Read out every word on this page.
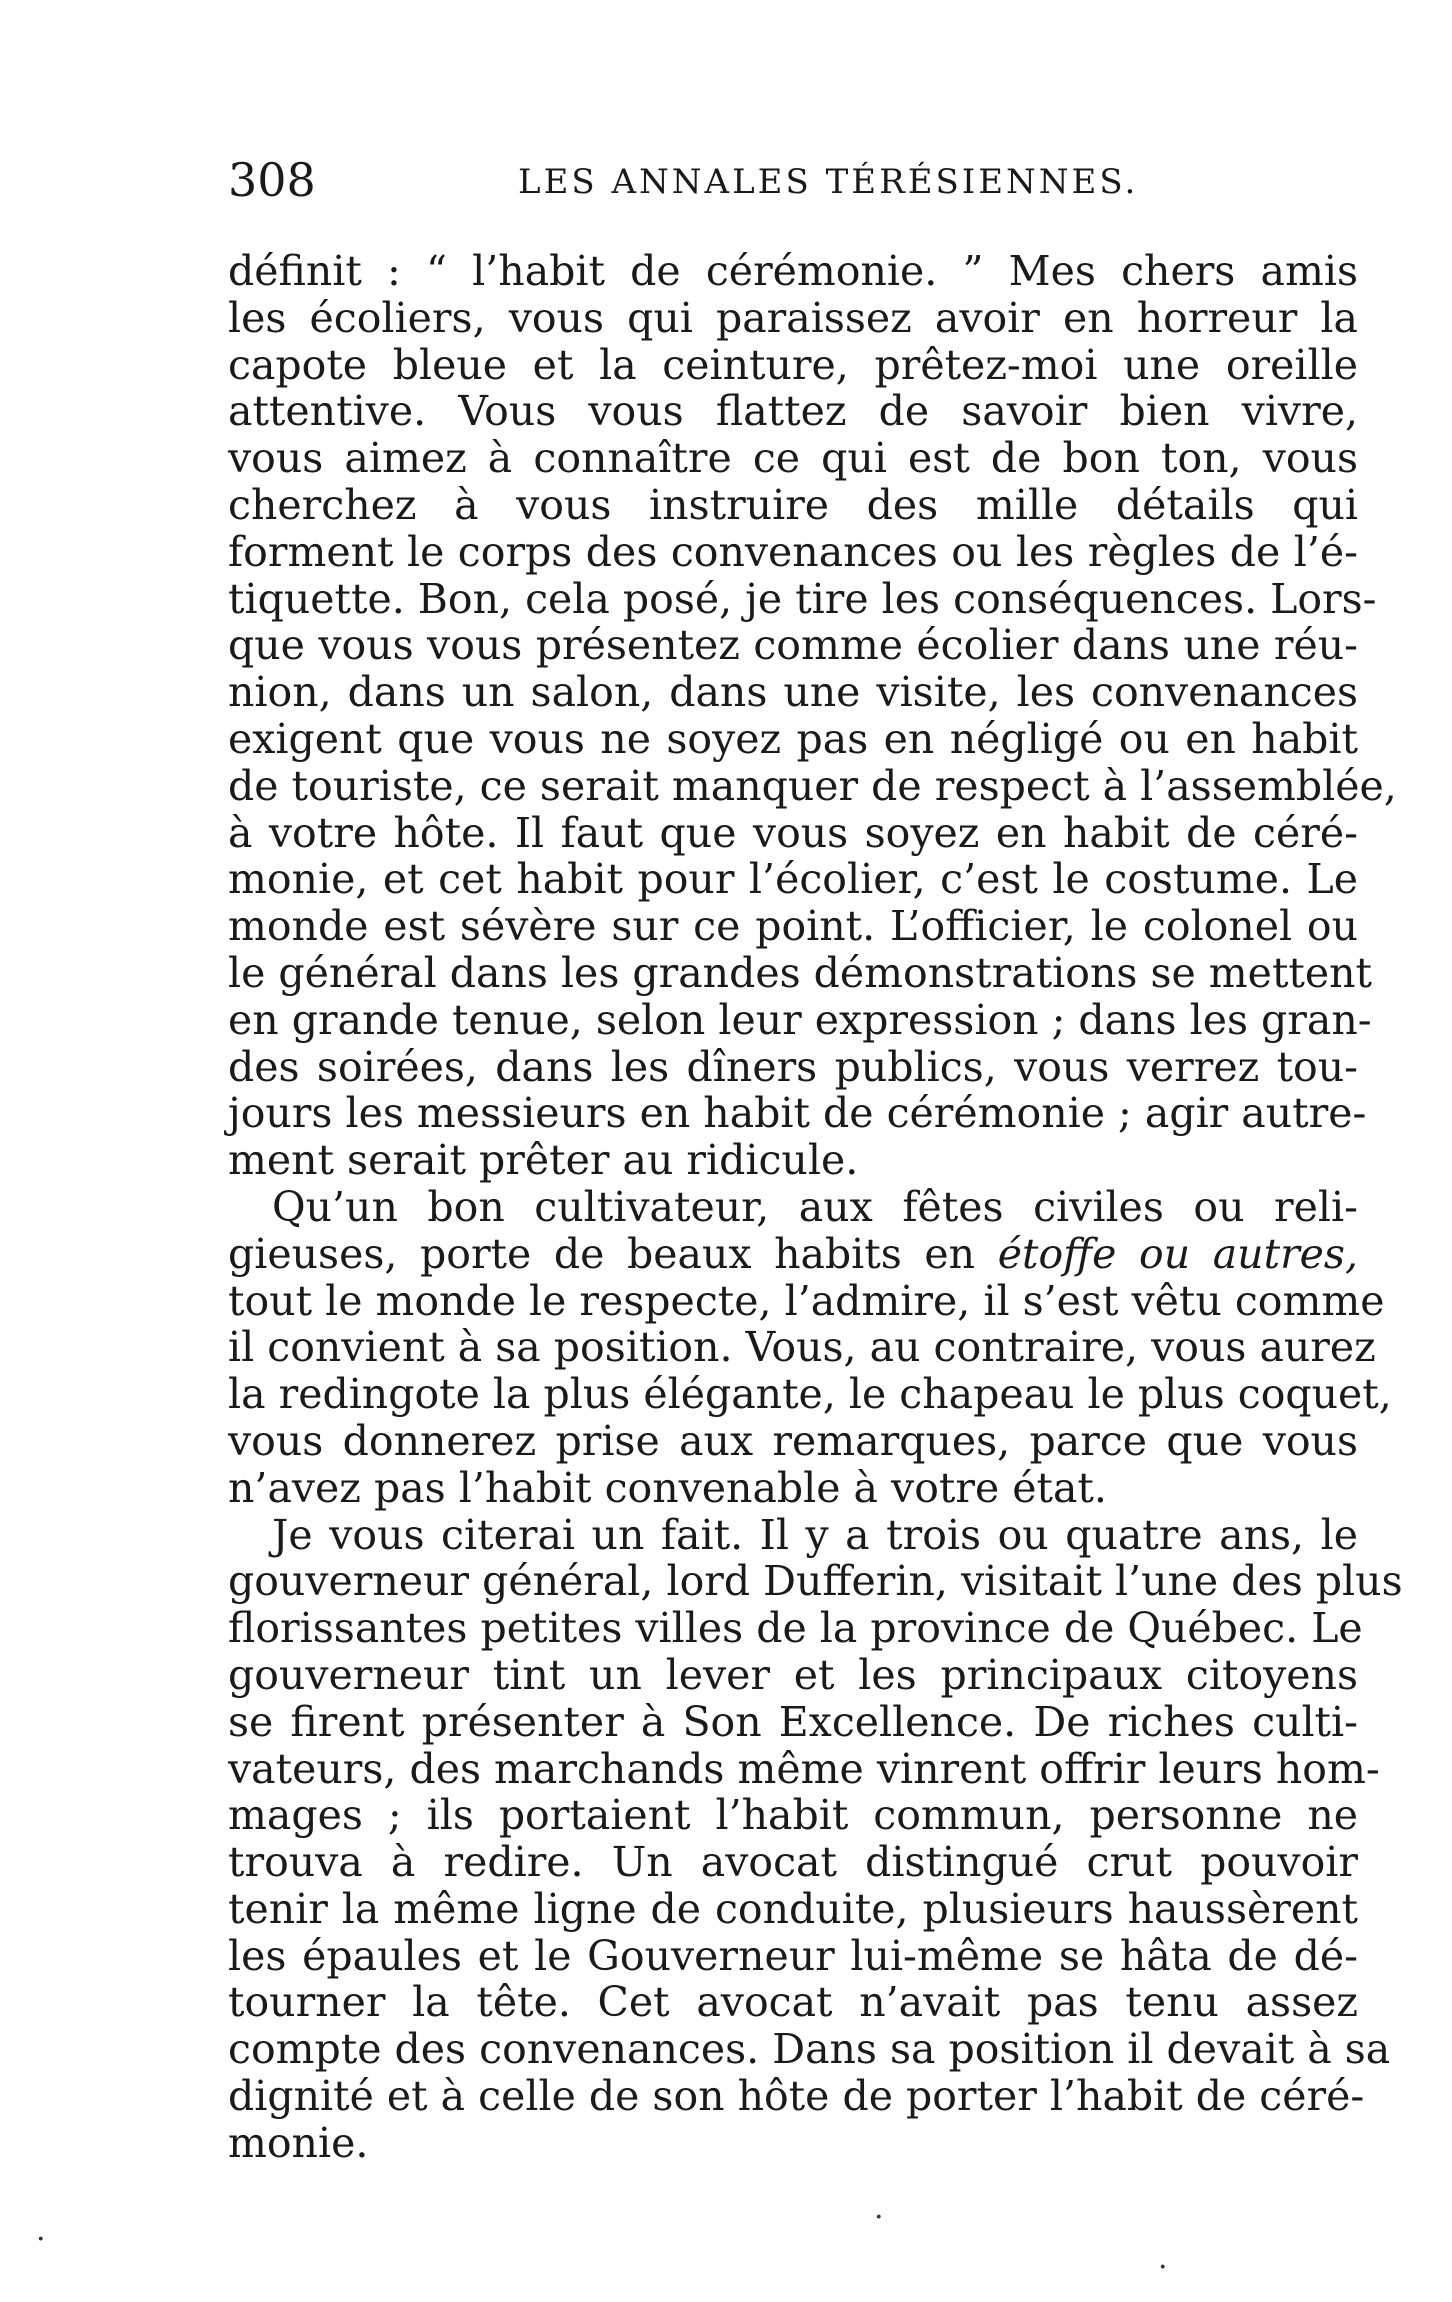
308	LES ANNALES TÉRÉSIENNES.
définit : “ l’habit de cérémonie. ” Mes chers amis
les écoliers, vous qui paraissez avoir en horreur la
capote bleue et la ceinture, prêtez-moi une oreille
attentive. Vous vous flattez de savoir bien vivre,
vous aimez à connaître ce qui est de bon ton, vous
cherchez à vous instruire des mille détails qui
forment le corps des convenances ou les règles de l’é-
tiquette. Bon, cela posé, je tire les conséquences. Lors-
que vous vous présentez comme écolier dans une réu-
nion, dans un salon, dans une visite, les convenances
exigent que vous ne soyez pas en négligé ou en habit
de touriste, ce serait manquer de respect à l’assemblée,
à votre hôte. Il faut que vous soyez en habit de céré-
monie, et cet habit pour l’écolier, c’est le costume. Le
monde est sévère sur ce point. L’officier, le colonel ou
le général dans les grandes démonstrations se mettent
en grande tenue, selon leur expression ; dans les gran-
des soirées, dans les dîners publics, vous verrez tou-
jours les messieurs en habit de cérémonie ; agir autre-
ment serait prêter au ridicule.
Qu’un bon cultivateur, aux fêtes civiles ou reli-
gieuses, porte de beaux habits en étoffe ou autres,
tout le monde le respecte, l’admire, il s’est vêtu comme
il convient à sa position. Vous, au contraire, vous aurez
la redingote la plus élégante, le chapeau le plus coquet,
vous donnerez prise aux remarques, parce que vous
n’avez pas l’habit convenable à votre état.
Je vous citerai un fait. Il y a trois ou quatre ans, le
gouverneur général, lord Dufferin, visitait l’une des plus
florissantes petites villes de la province de Québec. Le
gouverneur tint un lever et les principaux citoyens
se firent présenter à Son Excellence. De riches culti-
vateurs, des marchands même vinrent offrir leurs hom-
mages ; ils portaient l’habit commun, personne ne
trouva à redire. Un avocat distingué crut pouvoir
tenir la même ligne de conduite, plusieurs haussèrent
les épaules et le Gouverneur lui-même se hâta de dé-
tourner la tête. Cet avocat n’avait pas tenu assez
compte des convenances. Dans sa position il devait à sa
dignité et à celle de son hôte de porter l’habit de céré-
monie.
·
·
·
